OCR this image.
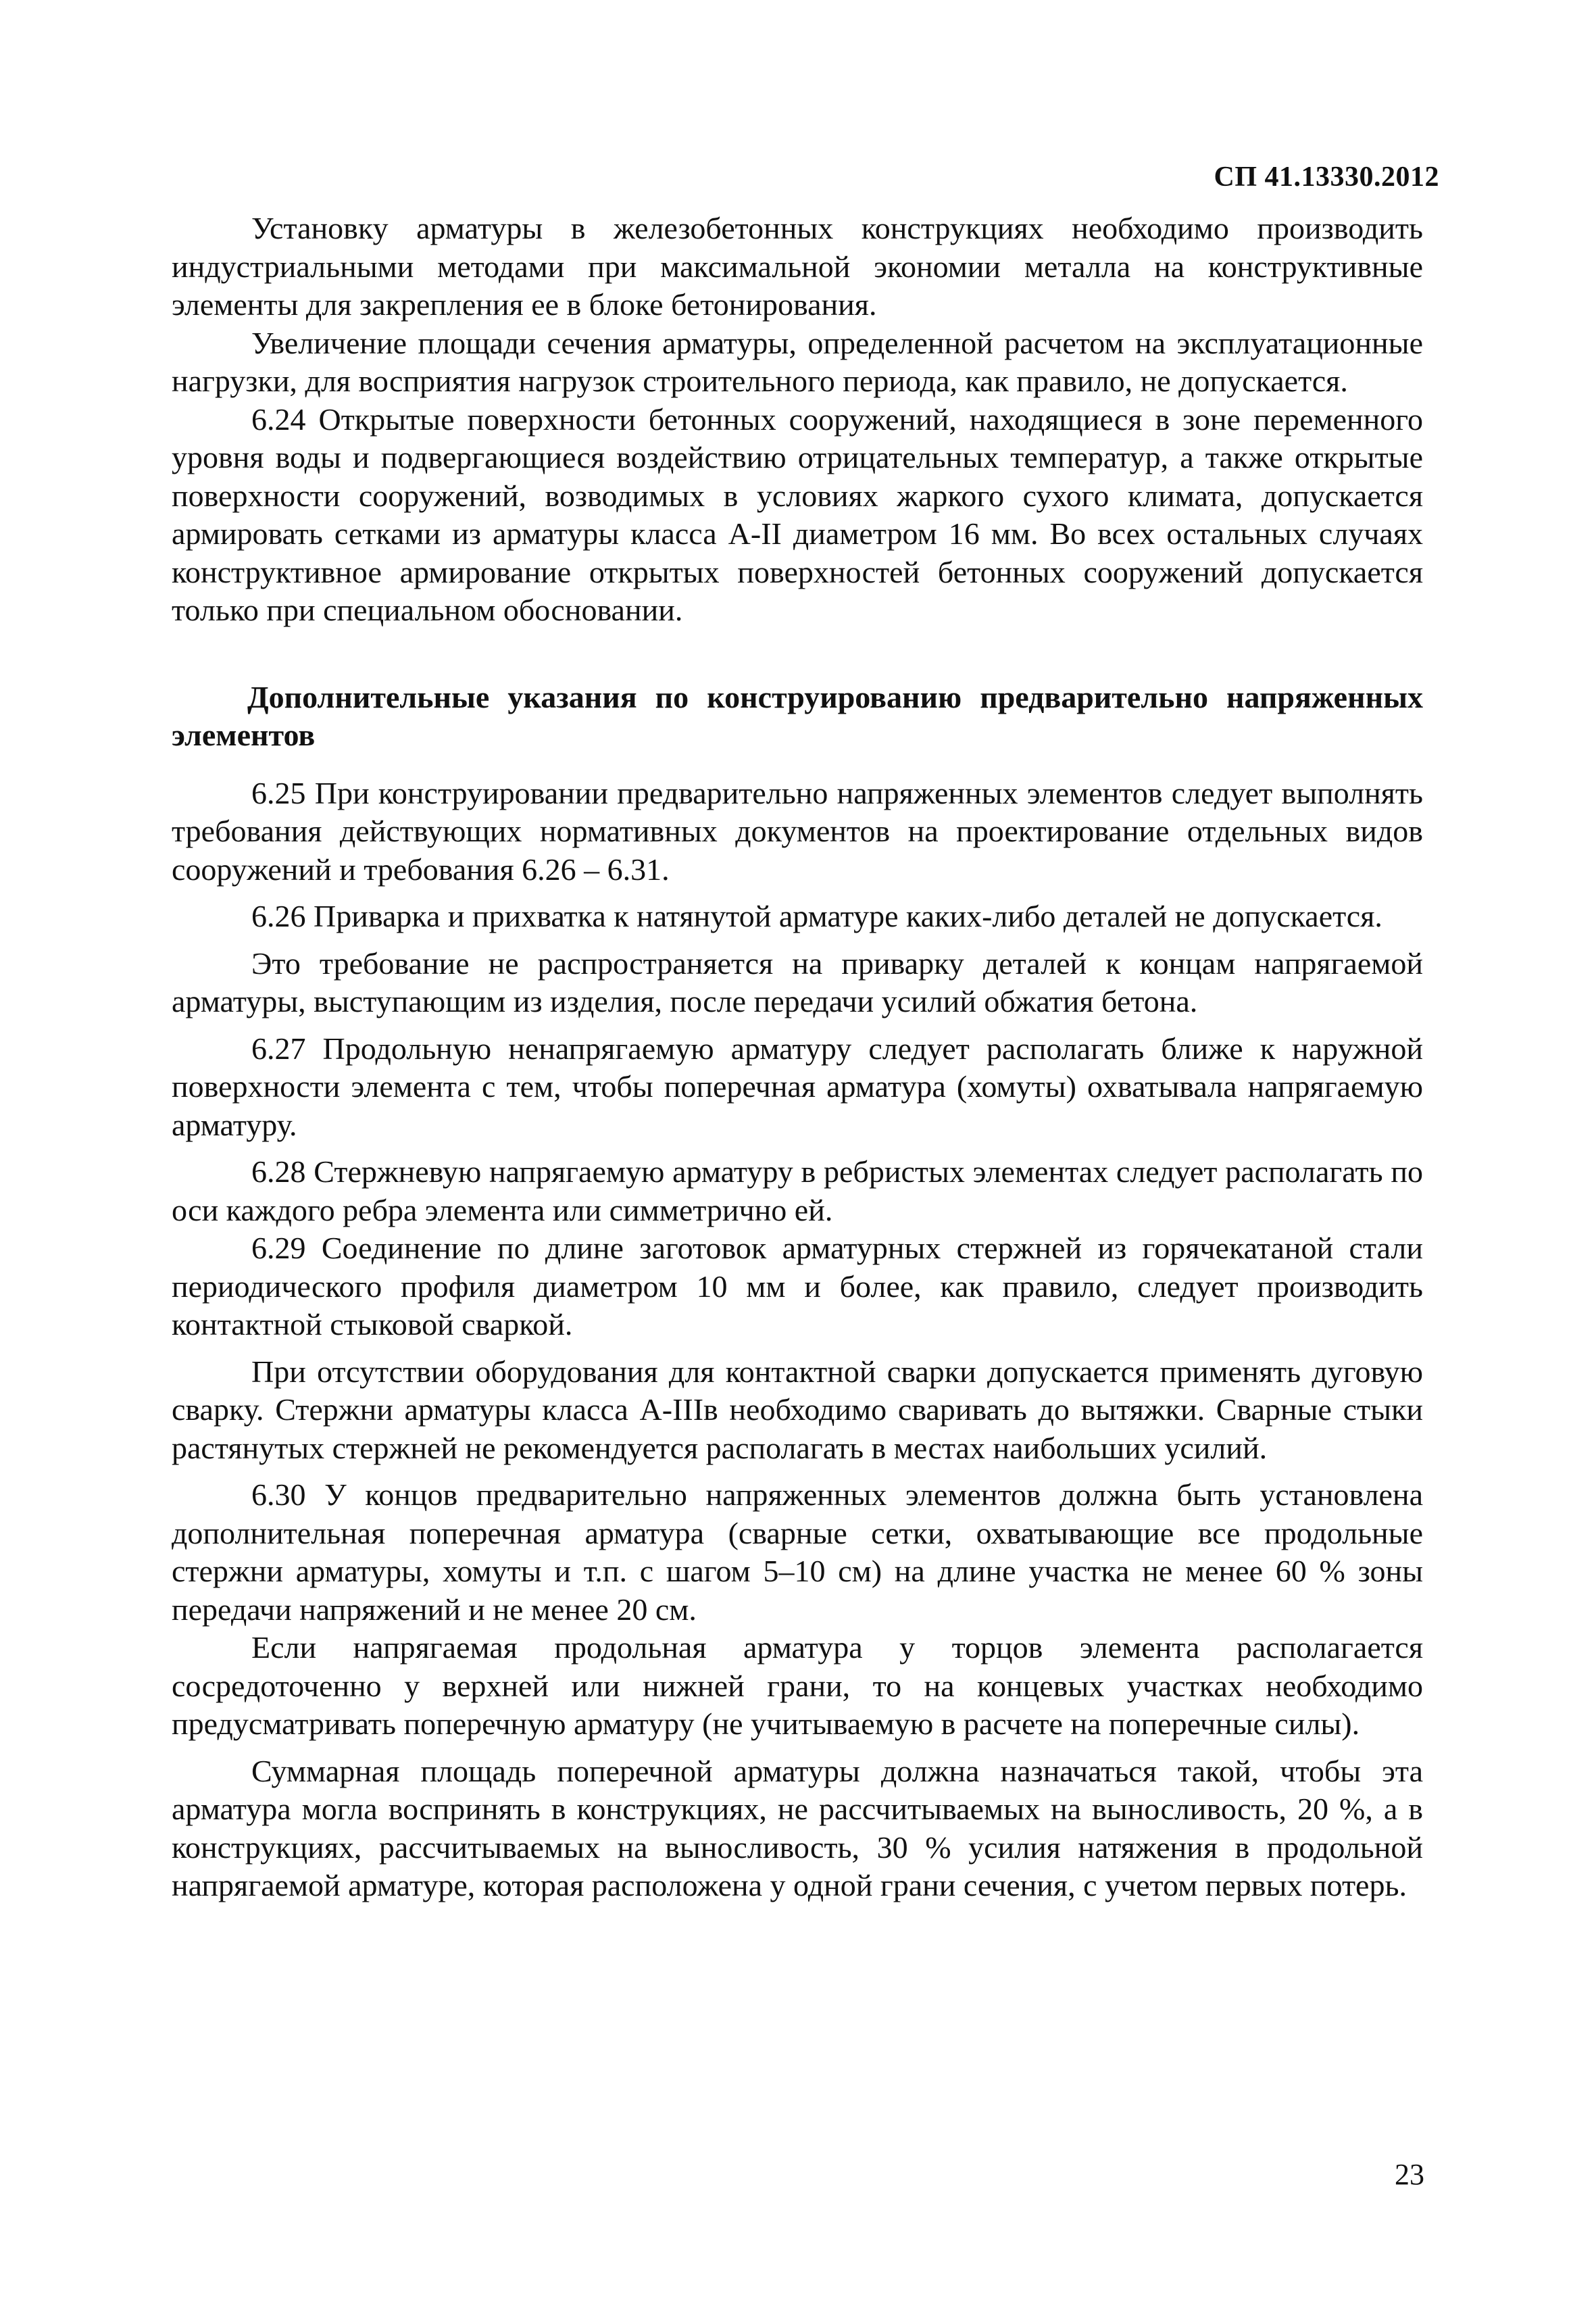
СП 41.13330.2012

Установку арматуры в железобетонных конструкциях необходимо производить индустриальными методами при максимальной экономии металла на конструктивные элементы для закрепления ее в блоке бетонирования.

Увеличение площади сечения арматуры, определенной расчетом на эксплуатационные нагрузки, для восприятия нагрузок строительного периода, как правило, не допускается.

6.24 Открытые поверхности бетонных сооружений, находящиеся в зоне переменного уровня воды и подвергающиеся воздействию отрицательных температур, а также открытые поверхности сооружений, возводимых в условиях жаркого сухого климата, допускается армировать сетками из арматуры класса А-II диаметром 16 мм. Во всех остальных случаях конструктивное армирование открытых поверхностей бетонных сооружений допускается только при специальном обосновании.

Дополнительные указания по конструированию предварительно напряженных элементов

6.25 При конструировании предварительно напряженных элементов следует выполнять требования действующих нормативных документов на проектирование отдельных видов сооружений и требования 6.26 – 6.31.

6.26 Приварка и прихватка к натянутой арматуре каких-либо деталей не допускается.

Это требование не распространяется на приварку деталей к концам напрягаемой арматуры, выступающим из изделия, после передачи усилий обжатия бетона.

6.27 Продольную ненапрягаемую арматуру следует располагать ближе к наружной поверхности элемента с тем, чтобы поперечная арматура (хомуты) охватывала напрягаемую арматуру.

6.28 Стержневую напрягаемую арматуру в ребристых элементах следует располагать по оси каждого ребра элемента или симметрично ей.

6.29 Соединение по длине заготовок арматурных стержней из горячекатаной стали периодического профиля диаметром 10 мм и более, как правило, следует производить контактной стыковой сваркой.

При отсутствии оборудования для контактной сварки допускается применять дуговую сварку. Стержни арматуры класса А-IIIв необходимо сваривать до вытяжки. Сварные стыки растянутых стержней не рекомендуется располагать в местах наибольших усилий.

6.30 У концов предварительно напряженных элементов должна быть установлена дополнительная поперечная арматура (сварные сетки, охватывающие все продольные стержни арматуры, хомуты и т.п. с шагом 5–10 см) на длине участка не менее 60 % зоны передачи напряжений и не менее 20 см.

Если напрягаемая продольная арматура у торцов элемента располагается сосредоточенно у верхней или нижней грани, то на концевых участках необходимо предусматривать поперечную арматуру (не учитываемую в расчете на поперечные силы).

Суммарная площадь поперечной арматуры должна назначаться такой, чтобы эта арматура могла воспринять в конструкциях, не рассчитываемых на выносливость, 20 %, а в конструкциях, рассчитываемых на выносливость, 30 % усилия натяжения в продольной напрягаемой арматуре, которая расположена у одной грани сечения, с учетом первых потерь.

23
